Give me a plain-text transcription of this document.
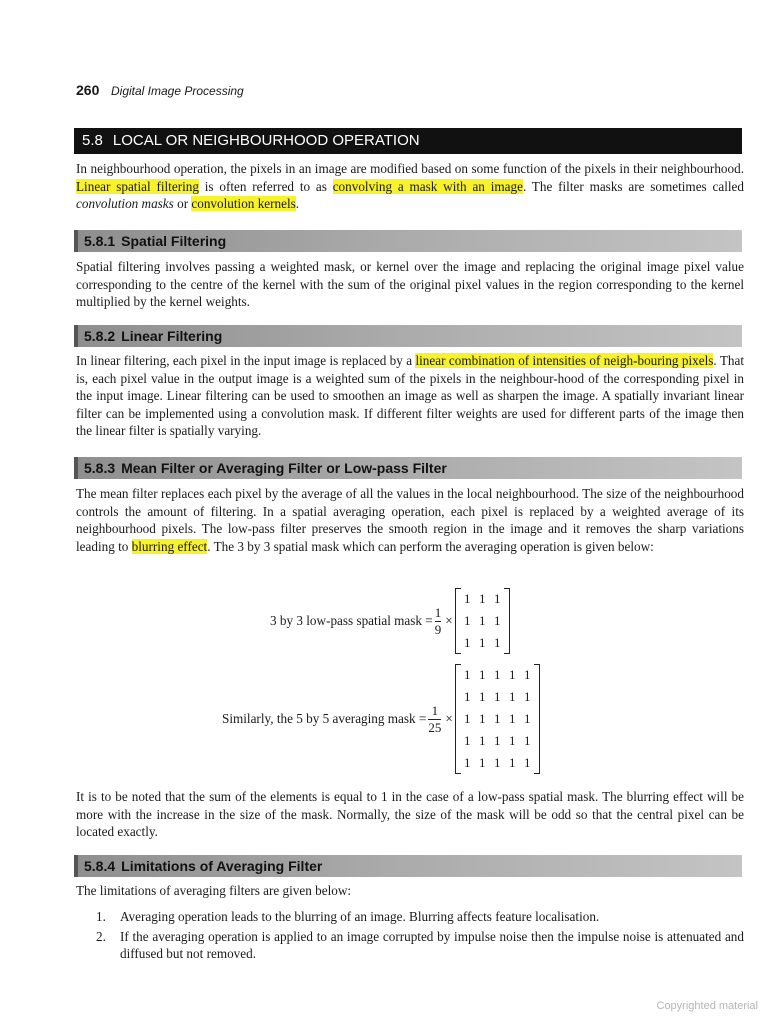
260 Digital Image Processing
5.8 LOCAL OR NEIGHBOURHOOD OPERATION

In neighbourhood operation, the pixels in an image are modified based on some function of the pixels in their neighbourhood. Linear spatial filtering is often referred to as convolving a mask with an image. The filter masks are sometimes called convolution masks or convolution kernels.

5.8.1 Spatial Filtering

Spatial filtering involves passing a weighted mask, or kernel over the image and replacing the original image pixel value corresponding to the centre of the kernel with the sum of the original pixel values in the region corresponding to the kernel multiplied by the kernel weights.

5.8.2 Linear Filtering

In linear filtering, each pixel in the input image is replaced by a linear combination of intensities of neigh-bouring pixels. That is, each pixel value in the output image is a weighted sum of the pixels in the neighbour-hood of the corresponding pixel in the input image. Linear filtering can be used to smoothen an image as well as sharpen the image. A spatially invariant linear filter can be implemented using a convolution mask. If different filter weights are used for different parts of the image then the linear filter is spatially varying.

5.8.3 Mean Filter or Averaging Filter or Low-pass Filter

The mean filter replaces each pixel by the average of all the values in the local neighbourhood. The size of the neighbourhood controls the amount of filtering. In a spatial averaging operation, each pixel is replaced by a weighted average of its neighbourhood pixels. The low-pass filter preserves the smooth region in the image and it removes the sharp variations leading to blurring effect. The 3 by 3 spatial mask which can perform the averaging operation is given below:

3 by 3 low-pass spatial mask = $\frac{1}{9}$ ×
1 1 1
1 1 1
1 1 1
Similarly, the 5 by 5 averaging mask = $\frac{1}{25}$ ×
1 1 1 1 1
1 1 1 1 1
1 1 1 1 1
1 1 1 1 1
1 1 1 1 1

It is to be noted that the sum of the elements is equal to 1 in the case of a low-pass spatial mask. The blurring effect will be more with the increase in the size of the mask. Normally, the size of the mask will be odd so that the central pixel can be located exactly.

5.8.4 Limitations of Averaging Filter

The limitations of averaging filters are given below:

1.	Averaging operation leads to the blurring of an image. Blurring affects feature localisation.
2.	If the averaging operation is applied to an image corrupted by impulse noise then the impulse noise is attenuated and diffused but not removed.
Copyrighted material
